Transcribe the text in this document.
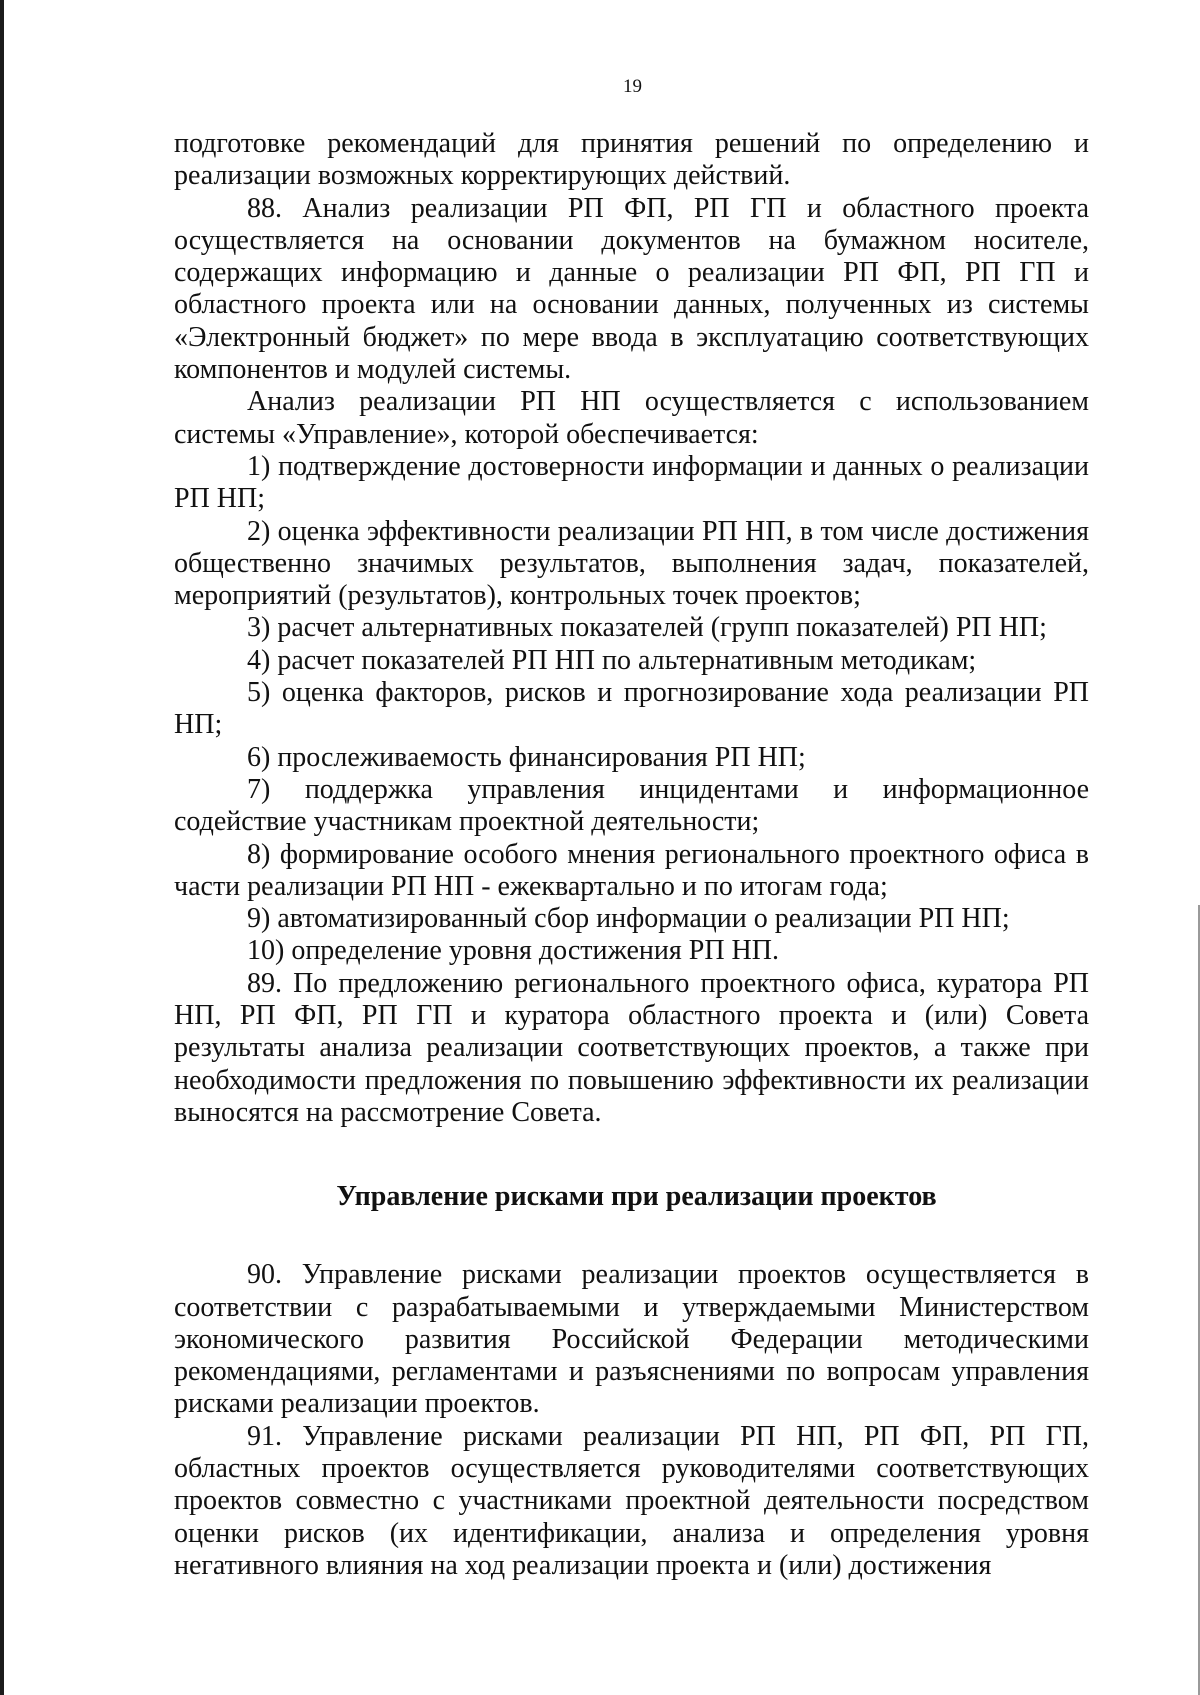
19

подготовке рекомендаций для принятия решений по определению и реализации возможных корректирующих действий.

88. Анализ реализации РП ФП, РП ГП и областного проекта осуществляется на основании документов на бумажном носителе, содержащих информацию и данные о реализации РП ФП, РП ГП и областного проекта или на основании данных, полученных из системы «Электронный бюджет» по мере ввода в эксплуатацию соответствующих компонентов и модулей системы.

Анализ реализации РП НП осуществляется с использованием системы «Управление», которой обеспечивается:

1) подтверждение достоверности информации и данных о реализации РП НП;

2) оценка эффективности реализации РП НП, в том числе достижения общественно значимых результатов, выполнения задач, показателей, мероприятий (результатов), контрольных точек проектов;

3) расчет альтернативных показателей (групп показателей) РП НП;

4) расчет показателей РП НП по альтернативным методикам;

5) оценка факторов, рисков и прогнозирование хода реализации РП НП;

6) прослеживаемость финансирования РП НП;

7) поддержка управления инцидентами и информационное содействие участникам проектной деятельности;

8) формирование особого мнения регионального проектного офиса в части реализации РП НП - ежеквартально и по итогам года;

9) автоматизированный сбор информации о реализации РП НП;

10) определение уровня достижения РП НП.

89. По предложению регионального проектного офиса, куратора РП НП, РП ФП, РП ГП и куратора областного проекта и (или) Совета результаты анализа реализации соответствующих проектов, а также при необходимости предложения по повышению эффективности их реализации выносятся на рассмотрение Совета.

Управление рисками при реализации проектов

90. Управление рисками реализации проектов осуществляется в соответствии с разрабатываемыми и утверждаемыми Министерством экономического развития Российской Федерации методическими рекомендациями, регламентами и разъяснениями по вопросам управления рисками реализации проектов.

91. Управление рисками реализации РП НП, РП ФП, РП ГП, областных проектов осуществляется руководителями соответствующих проектов совместно с участниками проектной деятельности посредством оценки рисков (их идентификации, анализа и определения уровня негативного влияния на ход реализации проекта и (или) достижения
